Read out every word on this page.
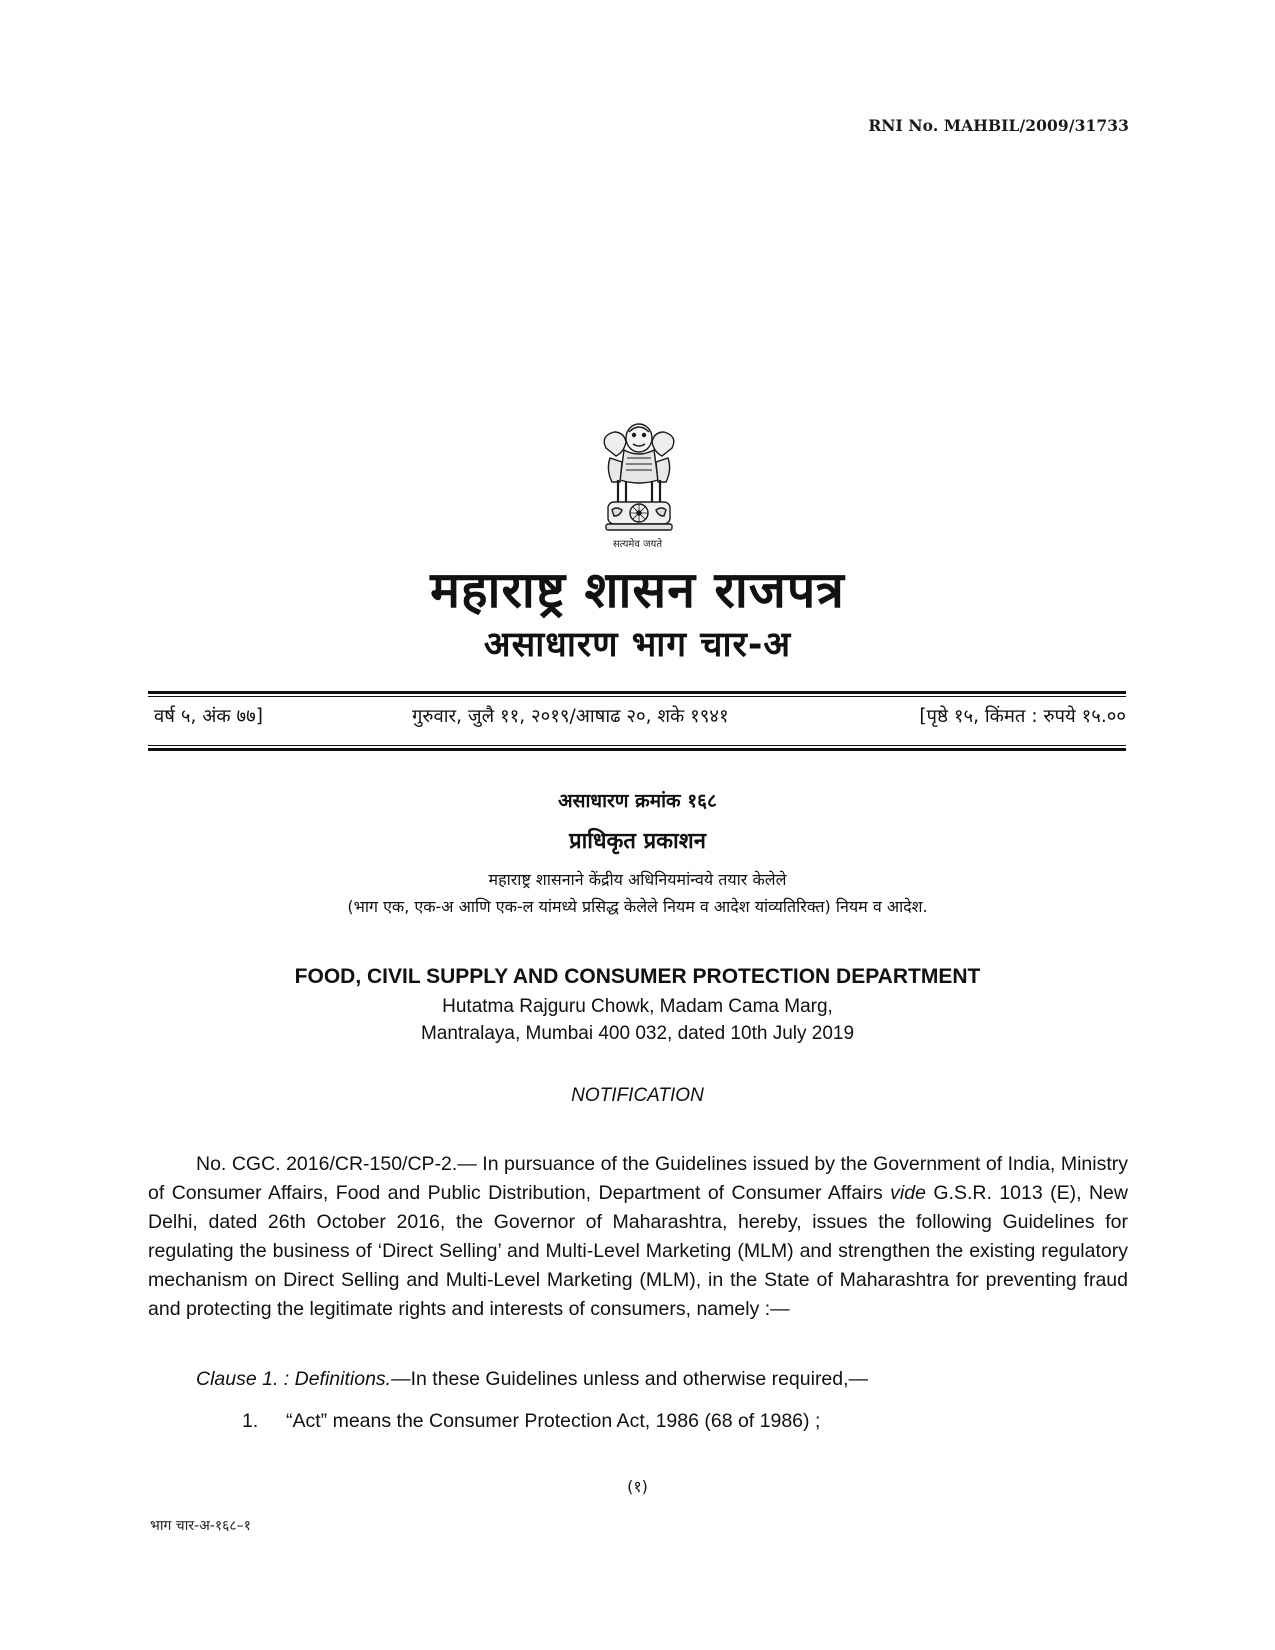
RNI No. MAHBIL/2009/31733
सत्यमेव जयते
महाराष्ट्र शासन राजपत्र
असाधारण भाग चार-अ
वर्ष ५, अंक ७७]	गुरुवार, जुलै ११, २०१९/आषाढ २०, शके १९४१	[पृष्ठे १५, किंमत : रुपये १५.००
असाधारण क्रमांक १६८
प्राधिकृत प्रकाशन
महाराष्ट्र शासनाने केंद्रीय अधिनियमांन्वये तयार केलेले
(भाग एक, एक-अ आणि एक-ल यांमध्ये प्रसिद्ध केलेले नियम व आदेश यांव्यतिरिक्त) नियम व आदेश.
FOOD, CIVIL SUPPLY AND CONSUMER PROTECTION DEPARTMENT
Hutatma Rajguru Chowk, Madam Cama Marg,
Mantralaya, Mumbai 400 032, dated 10th July 2019
NOTIFICATION

No. CGC. 2016/CR-150/CP-2.— In pursuance of the Guidelines issued by the Government of India, Ministry of Consumer Affairs, Food and Public Distribution, Department of Consumer Affairs vide G.S.R. 1013 (E), New Delhi, dated 26th October 2016, the Governor of Maharashtra, hereby, issues the following Guidelines for regulating the business of ‘Direct Selling’ and Multi-Level Marketing (MLM) and strengthen the existing regulatory mechanism on Direct Selling and Multi-Level Marketing (MLM), in the State of Maharashtra for preventing fraud and protecting the legitimate rights and interests of consumers, namely :—

Clause 1. : Definitions.—In these Guidelines unless and otherwise required,—
1. “Act” means the Consumer Protection Act, 1986 (68 of 1986) ;
(१)
भाग चार-अ-१६८–१
